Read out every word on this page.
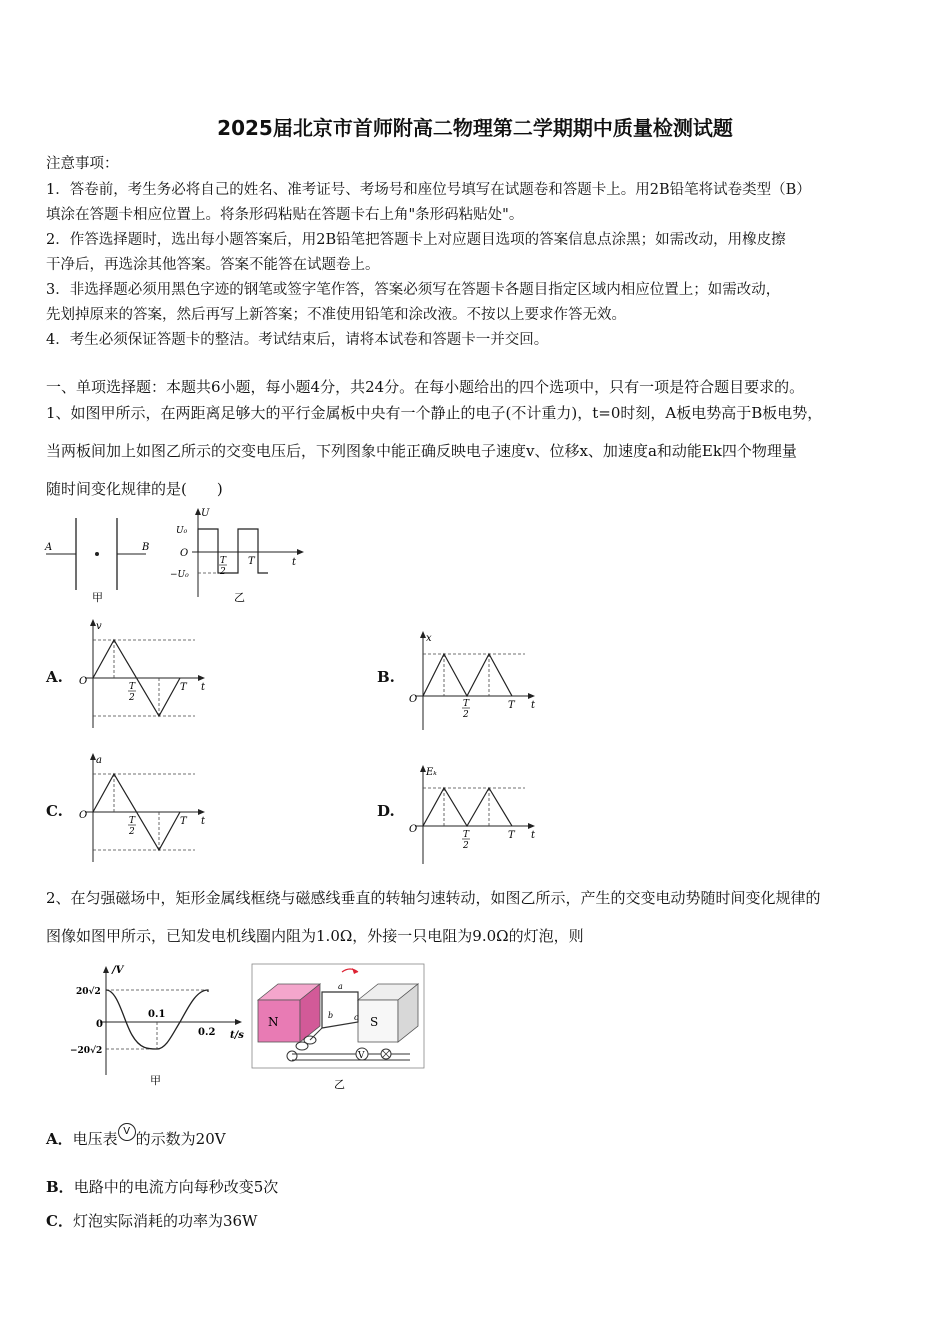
2025届北京市首师附高二物理第二学期期中质量检测试题
注意事项：
1．答卷前，考生务必将自己的姓名、准考证号、考场号和座位号填写在试题卷和答题卡上。用2B铅笔将试卷类型（B）
填涂在答题卡相应位置上。将条形码粘贴在答题卡右上角"条形码粘贴处"。
2．作答选择题时，选出每小题答案后，用2B铅笔把答题卡上对应题目选项的答案信息点涂黑；如需改动，用橡皮擦
干净后，再选涂其他答案。答案不能答在试题卷上。
3．非选择题必须用黑色字迹的钢笔或签字笔作答，答案必须写在答题卡各题目指定区域内相应位置上；如需改动，
先划掉原来的答案，然后再写上新答案；不准使用铅笔和涂改液。不按以上要求作答无效。
4．考生必须保证答题卡的整洁。考试结束后，请将本试卷和答题卡一并交回。
一、单项选择题：本题共6小题，每小题4分，共24分。在每小题给出的四个选项中，只有一项是符合题目要求的。
1、如图甲所示，在两距离足够大的平行金属板中央有一个静止的电子(不计重力)，t=0时刻，A板电势高于B板电势，
当两板间加上如图乙所示的交变电压后，下列图象中能正确反映电子速度v、位移x、加速度a和动能Ek四个物理量
随时间变化规律的是(　　)
A	B
甲
U
U₀
O
−U₀
T
2
T	t
乙
A.
v
O	T
2
T t
B.
x
O	T
2
T t
C.
a
O	T
2
T t
D.
Eₖ
O	T
2
T t
2、在匀强磁场中，矩形金属线框绕与磁感线垂直的转轴匀速转动，如图乙所示，产生的交变电动势随时间变化规律的
图像如图甲所示，已知发电机线圈内阻为1.0Ω，外接一只电阻为9.0Ω的灯泡，则
/V
20√2
0
−20√2
0.1
0.2 t/s
甲
N	S
a
b	c
V
乙
A．电压表 V 的示数为20V
B．电路中的电流方向每秒改变5次
C．灯泡实际消耗的功率为36W
